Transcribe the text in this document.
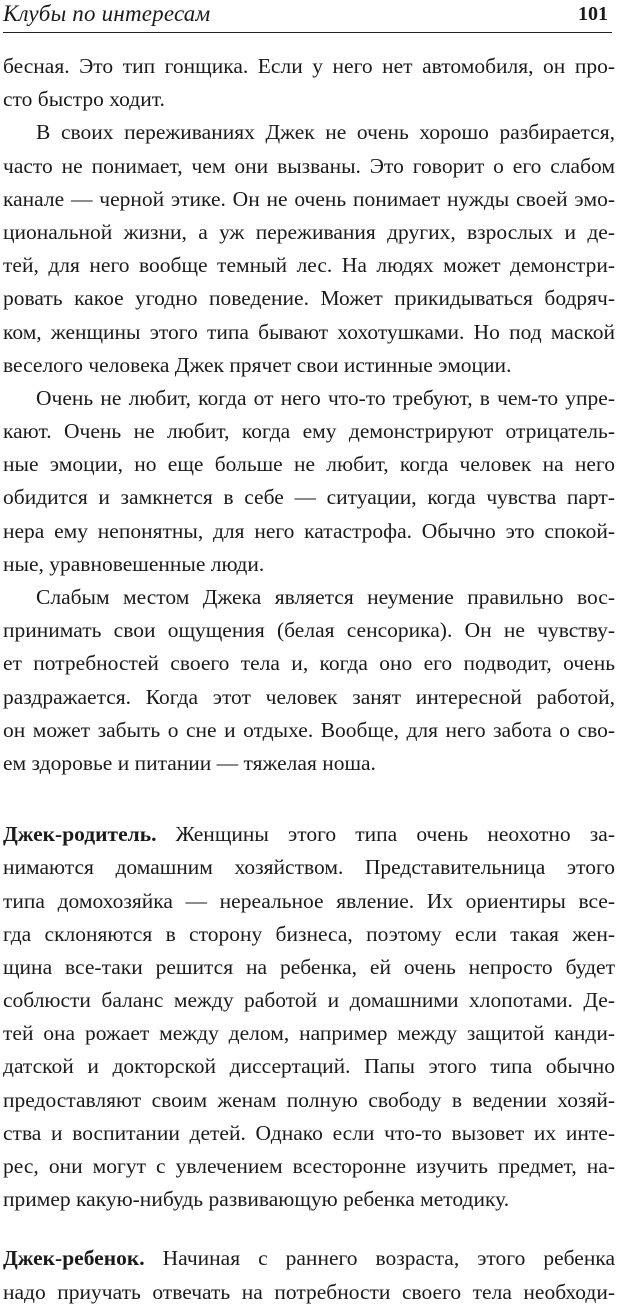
Клубы по интересам	101
бесная. Это тип гонщика. Если у него нет автомобиля, он про-
сто быстро ходит.
В своих переживаниях Джек не очень хорошо разбирается,
часто не понимает, чем они вызваны. Это говорит о его слабом
канале — черной этике. Он не очень понимает нужды своей эмо-
циональной жизни, а уж переживания других, взрослых и де-
тей, для него вообще темный лес. На людях может демонстри-
ровать какое угодно поведение. Может прикидываться бодряч-
ком, женщины этого типа бывают хохотушками. Но под маской
веселого человека Джек прячет свои истинные эмоции.
Очень не любит, когда от него что-то требуют, в чем-то упре-
кают. Очень не любит, когда ему демонстрируют отрицатель-
ные эмоции, но еще больше не любит, когда человек на него
обидится и замкнется в себе — ситуации, когда чувства парт-
нера ему непонятны, для него катастрофа. Обычно это спокой-
ные, уравновешенные люди.
Слабым местом Джека является неумение правильно вос-
принимать свои ощущения (белая сенсорика). Он не чувству-
ет потребностей своего тела и, когда оно его подводит, очень
раздражается. Когда этот человек занят интересной работой,
он может забыть о сне и отдыхе. Вообще, для него забота о сво-
ем здоровье и питании — тяжелая ноша.
Джек-родитель. Женщины этого типа очень неохотно за-
нимаются домашним хозяйством. Представительница этого
типа домохозяйка — нереальное явление. Их ориентиры все-
гда склоняются в сторону бизнеса, поэтому если такая жен-
щина все-таки решится на ребенка, ей очень непросто будет
соблюсти баланс между работой и домашними хлопотами. Де-
тей она рожает между делом, например между защитой канди-
датской и докторской диссертаций. Папы этого типа обычно
предоставляют своим женам полную свободу в ведении хозяй-
ства и воспитании детей. Однако если что-то вызовет их инте-
рес, они могут с увлечением всесторонне изучить предмет, на-
пример какую-нибудь развивающую ребенка методику.
Джек-ребенок. Начиная с раннего возраста, этого ребенка
надо приучать отвечать на потребности своего тела необходи-
